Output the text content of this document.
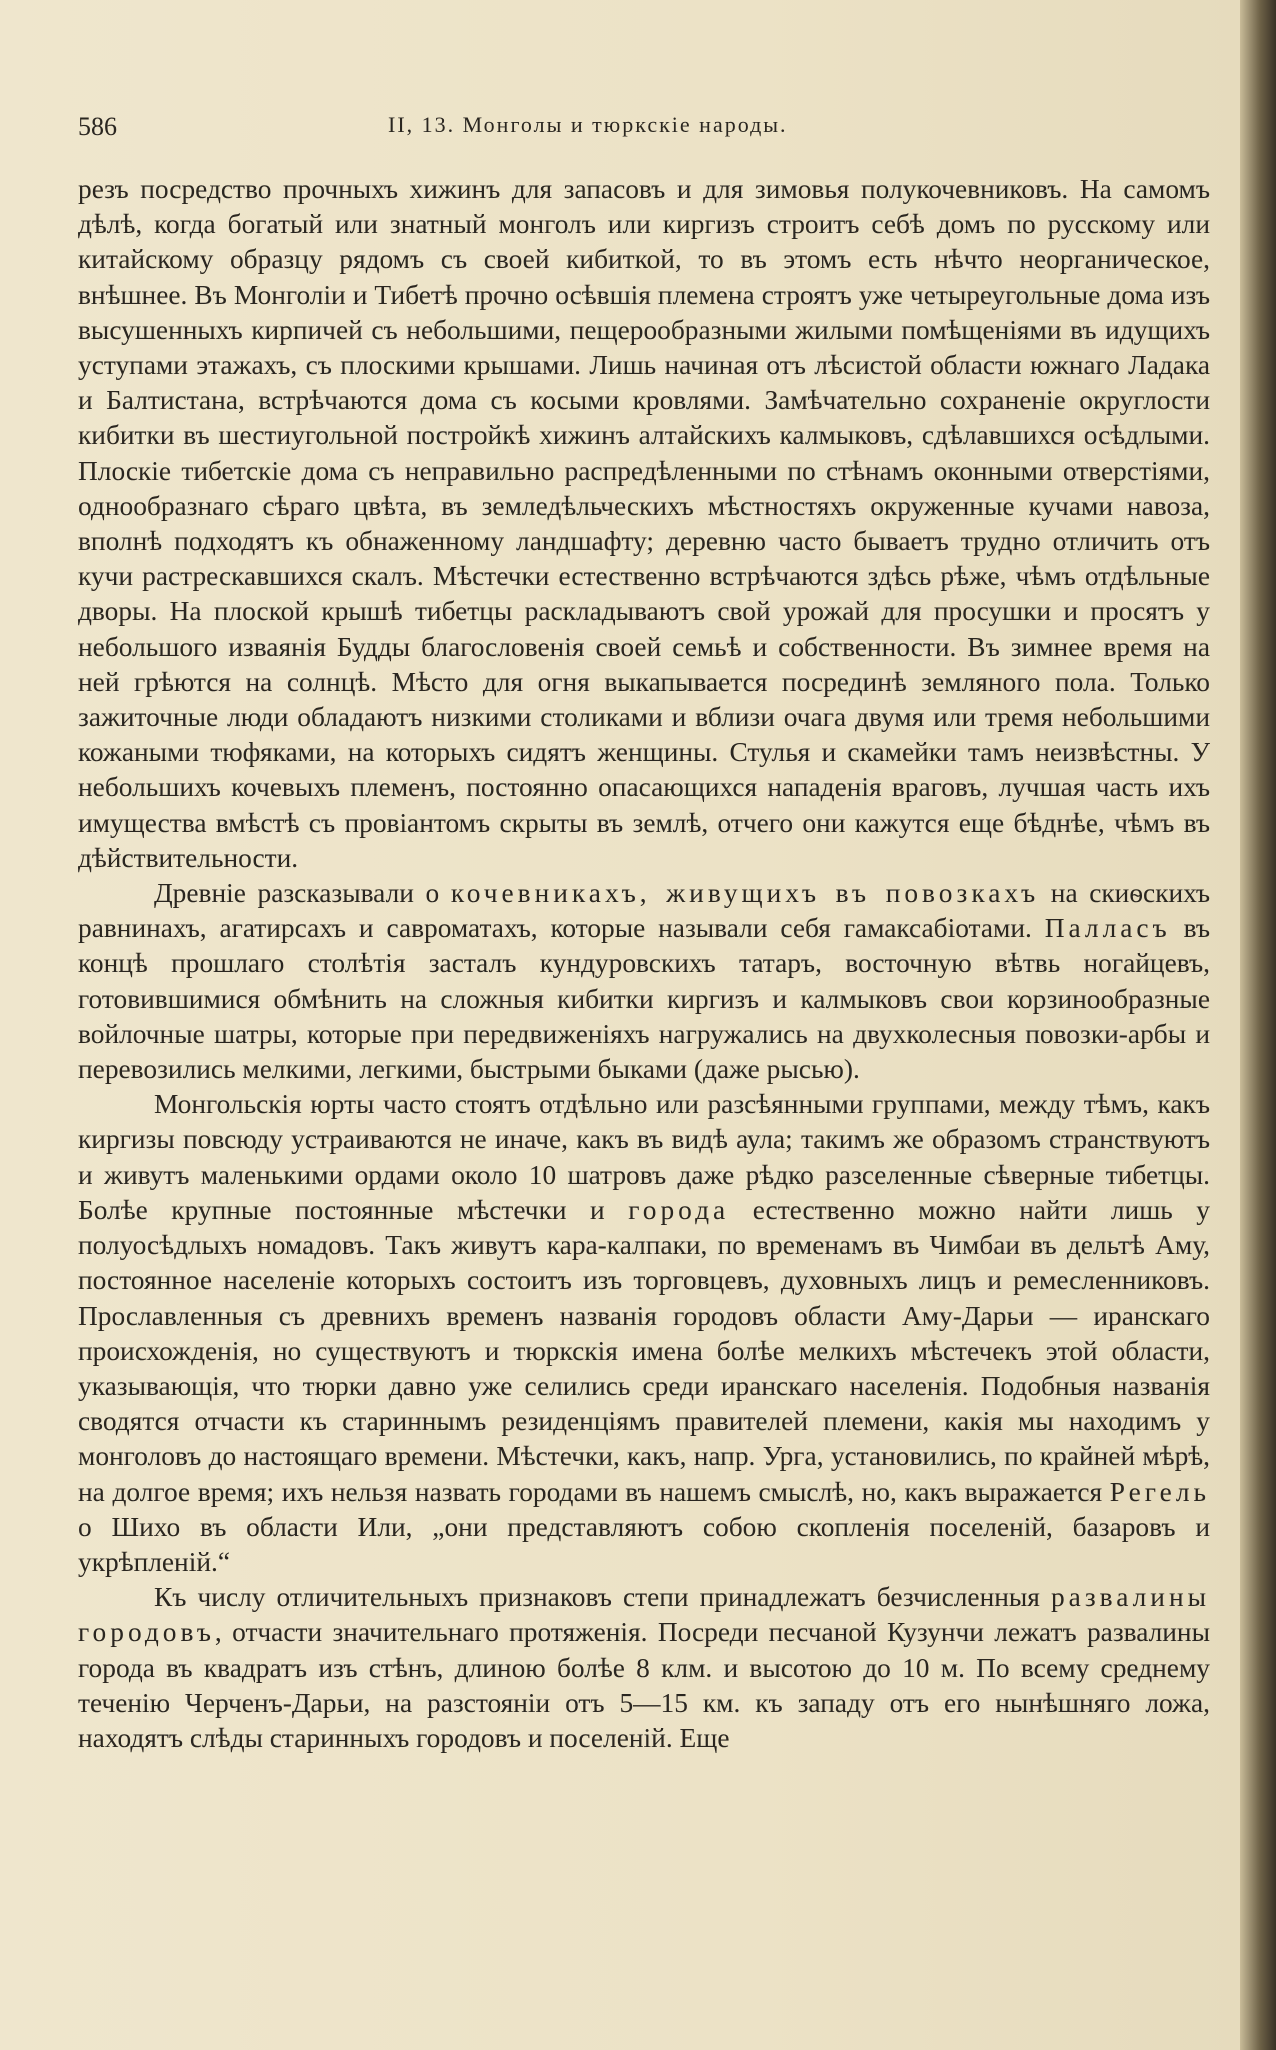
586	II, 13. Монголы и тюркскіе народы.

резъ посредство прочныхъ хижинъ для запасовъ и для зимовья полукочевниковъ. На самомъ дѣлѣ, когда богатый или знатный монголъ или киргизъ строитъ себѣ домъ по русскому или китайскому образцу рядомъ съ своей кибиткой, то въ этомъ есть нѣчто неорганическое, внѣшнее. Въ Монголіи и Тибетѣ прочно осѣвшія племена строятъ уже четыреугольные дома изъ высушенныхъ кирпичей съ небольшими, пещерообразными жилыми помѣщеніями въ идущихъ уступами этажахъ, съ плоскими крышами. Лишь начиная отъ лѣсистой области южнаго Ладака и Балтистана, встрѣчаются дома съ косыми кровлями. Замѣчательно сохраненіе округлости кибитки въ шестиугольной постройкѣ хижинъ алтайскихъ калмыковъ, сдѣлавшихся осѣдлыми. Плоскіе тибетскіе дома съ неправильно распредѣленными по стѣнамъ оконными отверстіями, однообразнаго сѣраго цвѣта, въ земледѣльческихъ мѣстностяхъ окруженные кучами навоза, вполнѣ подходятъ къ обнаженному ландшафту; деревню часто бываетъ трудно отличить отъ кучи растрескавшихся скалъ. Мѣстечки естественно встрѣчаются здѣсь рѣже, чѣмъ отдѣльные дворы. На плоской крышѣ тибетцы раскладываютъ свой урожай для просушки и просятъ у небольшого изваянія Будды благословенія своей семьѣ и собственности. Въ зимнее время на ней грѣются на солнцѣ. Мѣсто для огня выкапывается посрединѣ земляного пола. Только зажиточные люди обладаютъ низкими столиками и вблизи очага двумя или тремя небольшими кожаными тюфяками, на которыхъ сидятъ женщины. Стулья и скамейки тамъ неизвѣстны. У небольшихъ кочевыхъ племенъ, постоянно опасающихся нападенія враговъ, лучшая часть ихъ имущества вмѣстѣ съ провіантомъ скрыты въ землѣ, отчего они кажутся еще бѣднѣе, чѣмъ въ дѣйствительности.

Древніе разсказывали о кочевникахъ, живущихъ въ повозкахъ на скиѳскихъ равнинахъ, агатирсахъ и савроматахъ, которые называли себя гамаксабіотами. Палласъ въ концѣ прошлаго столѣтія засталъ кундуровскихъ татаръ, восточную вѣтвь ногайцевъ, готовившимися обмѣнить на сложныя кибитки киргизъ и калмыковъ свои корзинообразные войлочные шатры, которые при передвиженіяхъ нагружались на двухколесныя повозки-арбы и перевозились мелкими, легкими, быстрыми быками (даже рысью).

Монгольскія юрты часто стоятъ отдѣльно или разсѣянными группами, между тѣмъ, какъ киргизы повсюду устраиваются не иначе, какъ въ видѣ аула; такимъ же образомъ странствуютъ и живутъ маленькими ордами около 10 шатровъ даже рѣдко разселенные сѣверные тибетцы. Болѣе крупные постоянные мѣстечки и города естественно можно найти лишь у полуосѣдлыхъ номадовъ. Такъ живутъ кара-калпаки, по временамъ въ Чимбаи въ дельтѣ Аму, постоянное населеніе которыхъ состоитъ изъ торговцевъ, духовныхъ лицъ и ремесленниковъ. Прославленныя съ древнихъ временъ названія городовъ области Аму-Дарьи — иранскаго происхожденія, но существуютъ и тюркскія имена болѣе мелкихъ мѣстечекъ этой области, указывающія, что тюрки давно уже селились среди иранскаго населенія. Подобныя названія сводятся отчасти къ стариннымъ резиденціямъ правителей племени, какія мы находимъ у монголовъ до настоящаго времени. Мѣстечки, какъ, напр. Урга, установились, по крайней мѣрѣ, на долгое время; ихъ нельзя назвать городами въ нашемъ смыслѣ, но, какъ выражается Регель о Шихо въ области Или, „они представляютъ собою скопленія поселеній, базаровъ и укрѣпленій.“

Къ числу отличительныхъ признаковъ степи принадлежатъ безчисленныя развалины городовъ, отчасти значительнаго протяженія. Посреди песчаной Кузунчи лежатъ развалины города въ квадратъ изъ стѣнъ, длиною болѣе 8 клм. и высотою до 10 м. По всему среднему теченію Черченъ-Дарьи, на разстояніи отъ 5—15 км. къ западу отъ его нынѣшняго ложа, находятъ слѣды старинныхъ городовъ и поселеній. Еще
